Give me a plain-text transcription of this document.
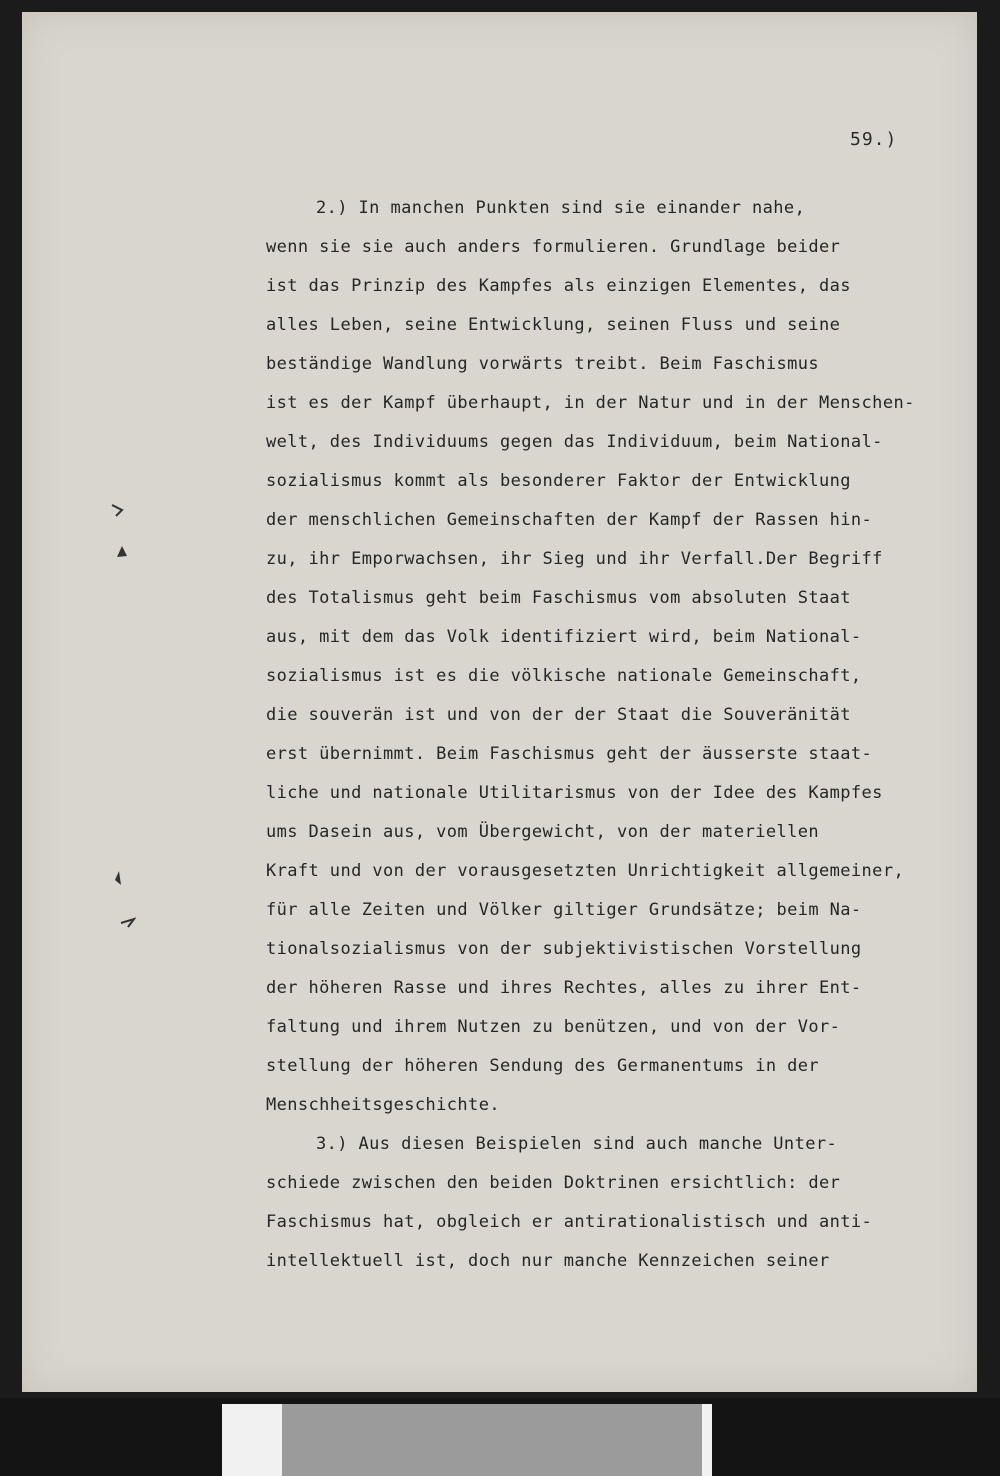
59.)
2.) In manchen Punkten sind sie einander nahe,
wenn sie sie auch anders formulieren. Grundlage beider
ist das Prinzip des Kampfes als einzigen Elementes, das
alles Leben, seine Entwicklung, seinen Fluss und seine
beständige Wandlung vorwärts treibt. Beim Faschismus
ist es der Kampf überhaupt, in der Natur und in der Menschen-
welt, des Individuums gegen das Individuum, beim National-
sozialismus kommt als besonderer Faktor der Entwicklung
der menschlichen Gemeinschaften der Kampf der Rassen hin-
zu, ihr Emporwachsen, ihr Sieg und ihr Verfall.Der Begriff
des Totalismus geht beim Faschismus vom absoluten Staat
aus, mit dem das Volk identifiziert wird, beim National-
sozialismus ist es die völkische nationale Gemeinschaft,
die souverän ist und von der der Staat die Souveränität
erst übernimmt. Beim Faschismus geht der äusserste staat-
liche und nationale Utilitarismus von der Idee des Kampfes
ums Dasein aus, vom Übergewicht, von der materiellen
Kraft und von der vorausgesetzten Unrichtigkeit allgemeiner,
für alle Zeiten und Völker giltiger Grundsätze; beim Na-
tionalsozialismus von der subjektivistischen Vorstellung
der höheren Rasse und ihres Rechtes, alles zu ihrer Ent-
faltung und ihrem Nutzen zu benützen, und von der Vor-
stellung der höheren Sendung des Germanentums in der
Menschheitsgeschichte.
3.) Aus diesen Beispielen sind auch manche Unter-
schiede zwischen den beiden Doktrinen ersichtlich: der
Faschismus hat, obgleich er antirationalistisch und anti-
intellektuell ist, doch nur manche Kennzeichen seiner
